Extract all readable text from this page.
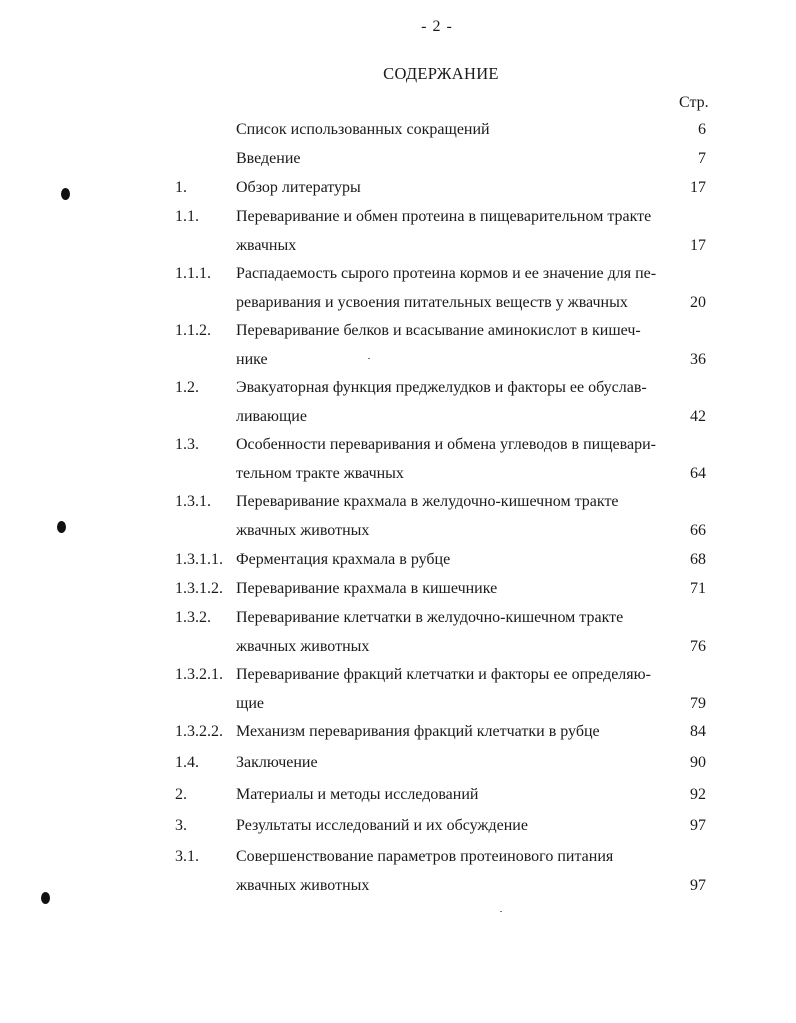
- 2 -
СОДЕРЖАНИЕ
Стр.
Список использованных сокращений	6
Введение	7
1.	Обзор литературы	17
1.1. Переваривание и обмен протеина в пищеварительном тракте
жвачных	17
1.1.1. Распадаемость сырого протеина кормов и ее значение для пе-
реваривания и усвоения питательных веществ у жвачных	20
1.1.2. Переваривание белков и всасывание аминокислот в кишеч-
нике	36
1.2. Эвакуаторная функция преджелудков и факторы ее обуслав-
ливающие	42
1.3. Особенности переваривания и обмена углеводов в пищевари-
тельном тракте жвачных	64
1.3.1. Переваривание крахмала в желудочно-кишечном тракте
жвачных животных	66
1.3.1.1. Ферментация крахмала в рубце	68
1.3.1.2. Переваривание крахмала в кишечнике	71
1.3.2. Переваривание клетчатки в желудочно-кишечном тракте
жвачных животных	76
1.3.2.1. Переваривание фракций клетчатки и факторы ее определяю-
щие	79
1.3.2.2. Механизм переваривания фракций клетчатки в рубце	84
1.4. Заключение	90
2.	Материалы и методы исследований	92
3.	Результаты исследований и их обсуждение	97
3.1. Совершенствование параметров протеинового питания
жвачных животных	97
